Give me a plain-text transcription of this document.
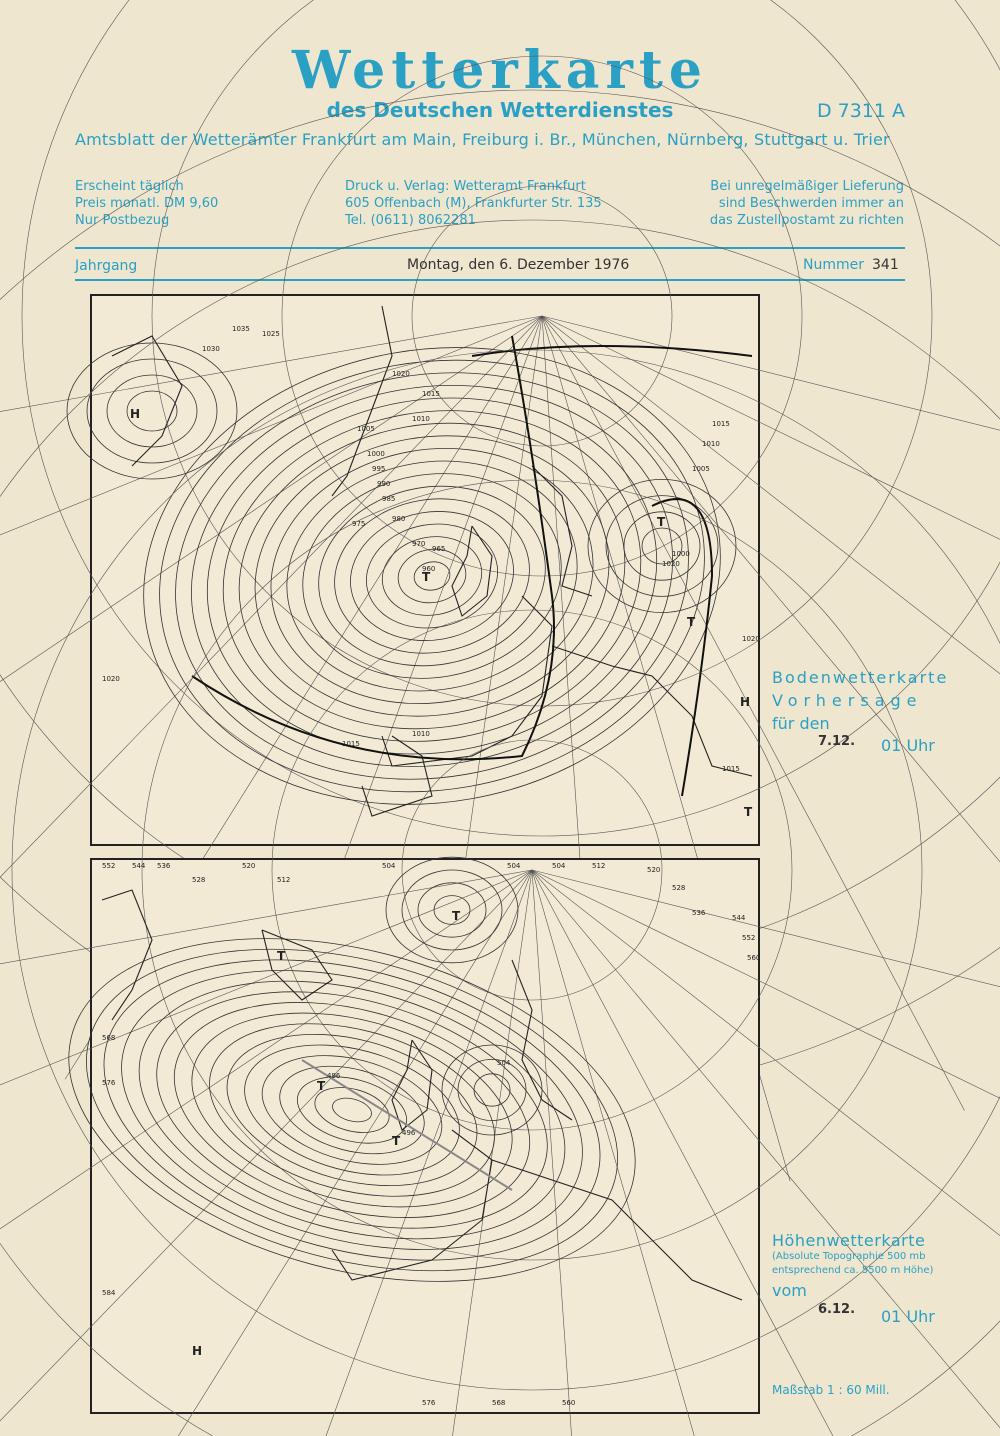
Wetterkarte
des Deutschen Wetterdienstes	D 7311 A
Amtsblatt der Wetterämter Frankfurt am Main, Freiburg i. Br., München, Nürnberg, Stuttgart u. Trier
Erscheint täglich
Preis monatl. DM 9,60
Nur Postbezug
Druck u. Verlag: Wetteramt Frankfurt
605 Offenbach (M), Frankfurter Str. 135
Tel. (0611) 8062281
Bei unregelmäßiger Lieferung
sind Beschwerden immer an
das Zustellpostamt zu richten
Jahrgang	Montag, den 6. Dezember 1976	Nummer 341
1035
1030
1025
1020
1015
1010
1005
1000
995
990
985
980
975
970
965
960
1020
1015
1010
1005
1000
1020
1015
1010
1015
1020
H
T
T
H
T
T
Bodenwetterkarte
Vorhersage
für den
7.12. 01 Uhr
552 544 536
528
520
512
504	504	504	512	520
528
536
544
552
560
568
576
584
576	568	560
496
496
504
T
T
T
T
H
Höhenwetterkarte
(Absolute Topographie 500 mb
entsprechend ca. 5500 m Höhe)
vom
6.12. 01 Uhr
Maßstab 1 : 60 Mill.
